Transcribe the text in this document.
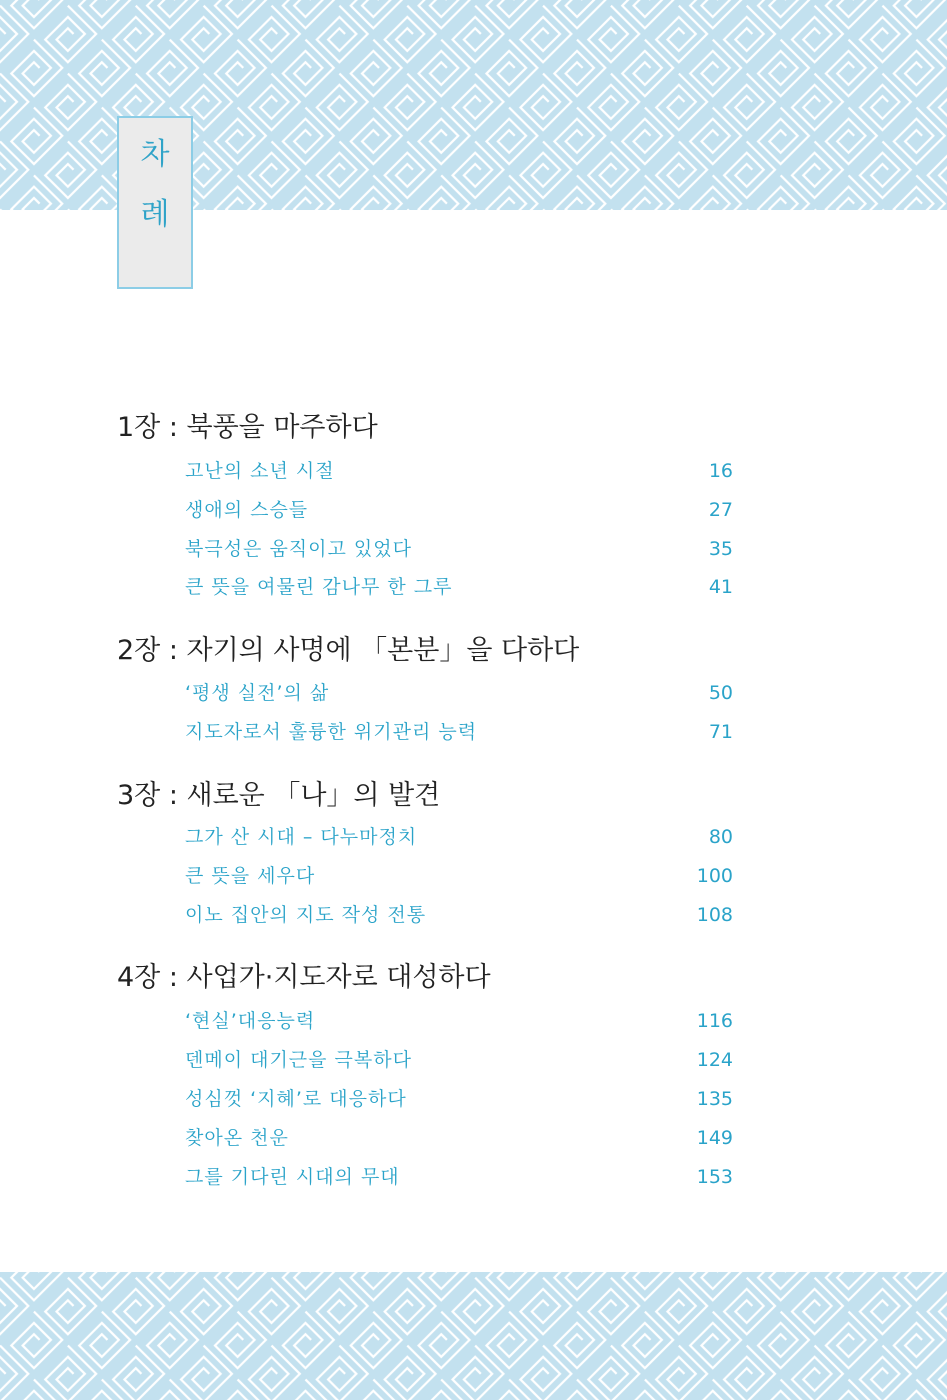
차
례
1장 : 북풍을 마주하다
고난의 소년 시절	16
생애의 스승들	27
북극성은 움직이고 있었다	35
큰 뜻을 여물린 감나무 한 그루	41
2장 : 자기의 사명에 「본분」을 다하다
‘평생 실전’의 삶	50
지도자로서 훌륭한 위기관리 능력	71
3장 : 새로운 「나」의 발견
그가 산 시대 – 다누마정치	80
큰 뜻을 세우다	100
이노 집안의 지도 작성 전통	108
4장 : 사업가·지도자로 대성하다
‘현실’대응능력	116
덴메이 대기근을 극복하다	124
성심껏 ‘지혜’로 대응하다	135
찾아온 천운	149
그를 기다린 시대의 무대	153
